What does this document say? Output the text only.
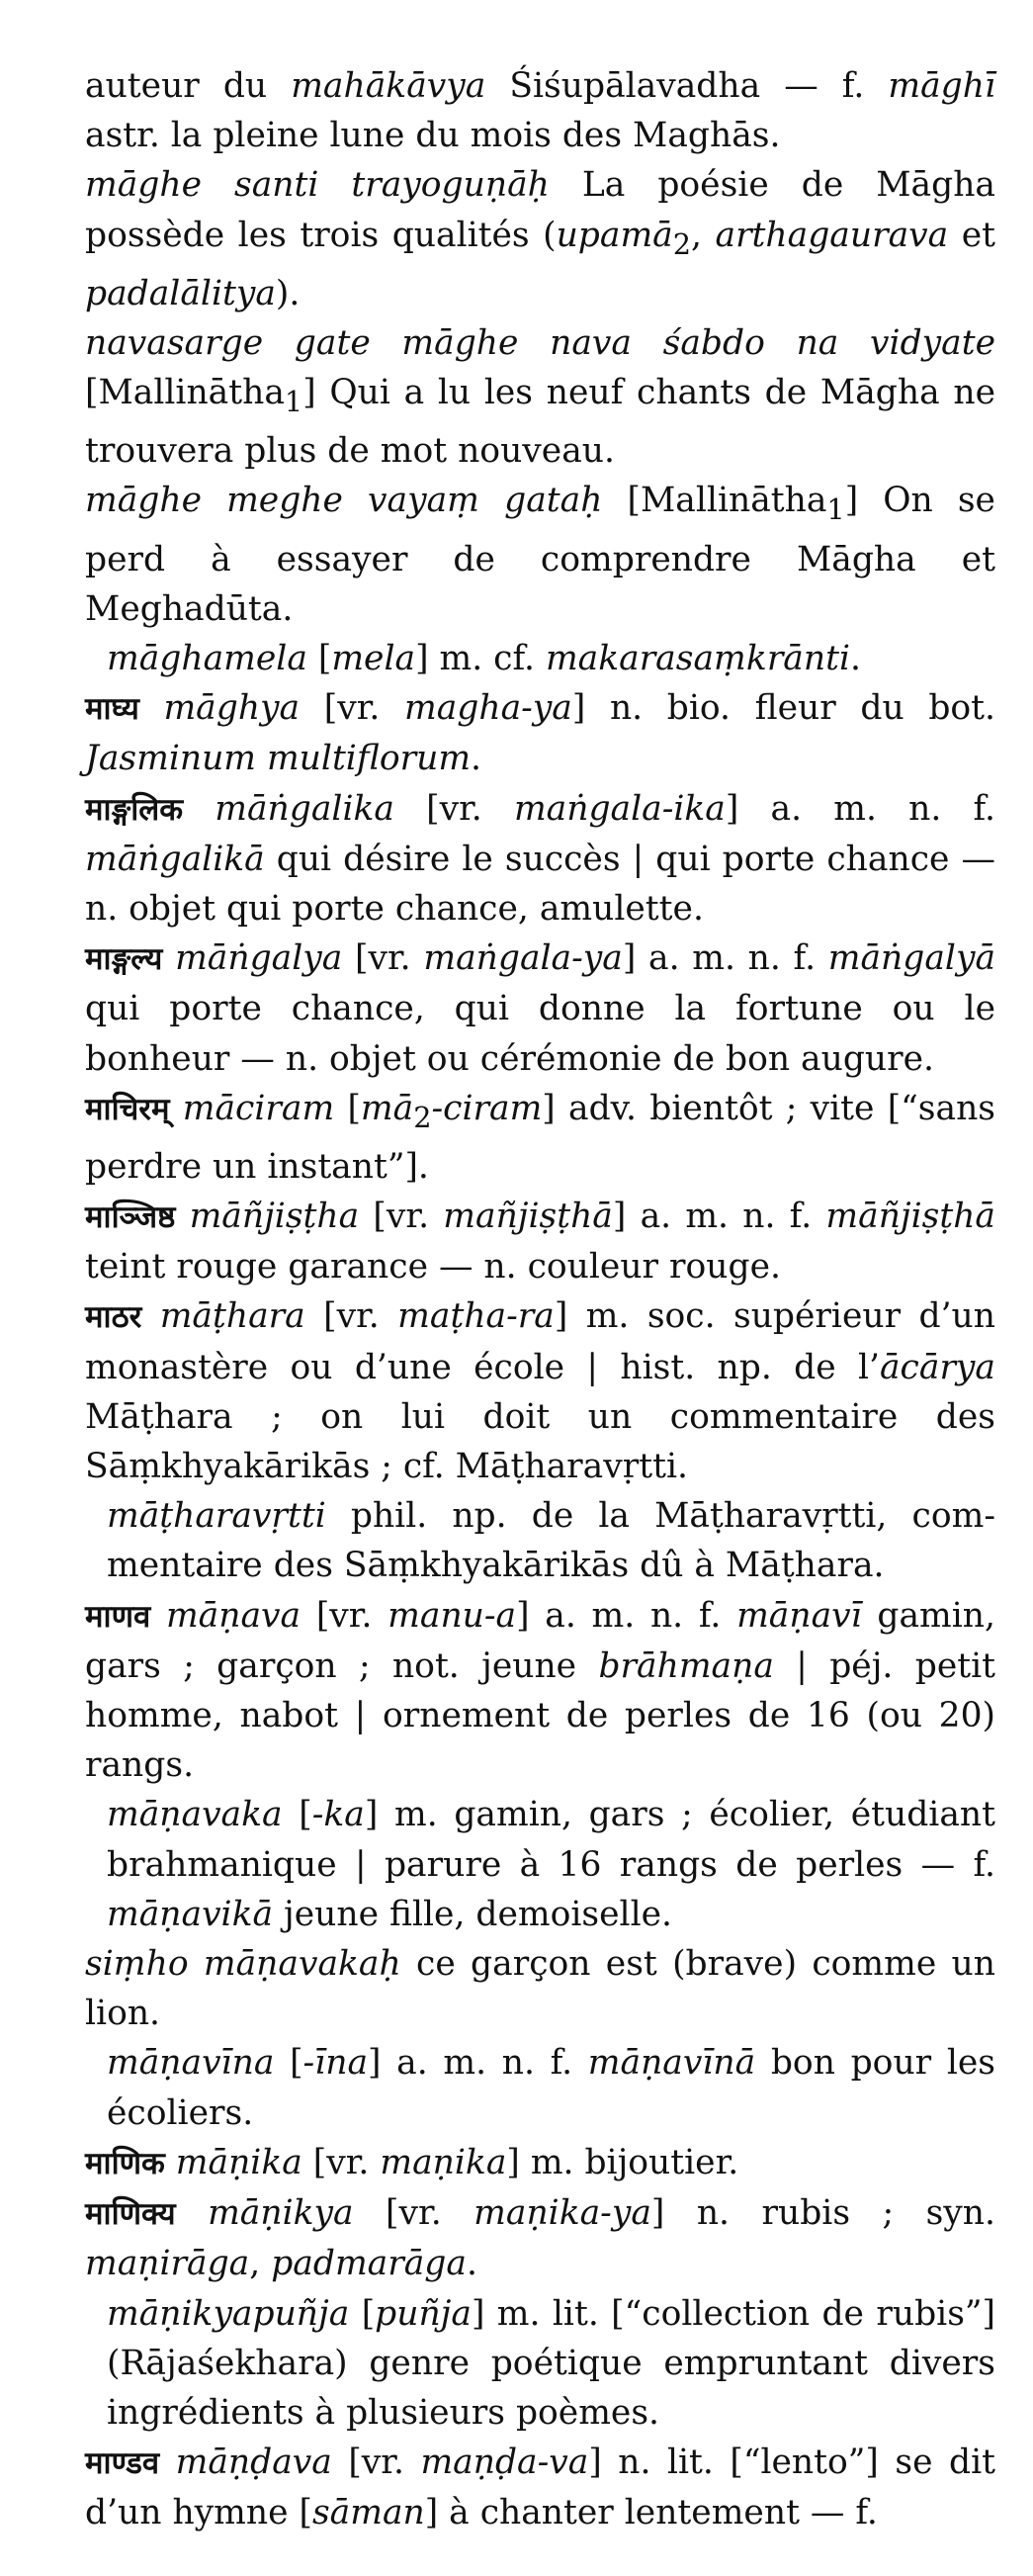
auteur du mahākāvya Śiśupālavadha — f. māghī astr. la pleine lune du mois des Maghās.

māghe santi trayoguṇāḥ La poésie de Māgha possède les trois qualités (upamā$_2$, arthagaurava et padalālitya).

navasarge gate māghe nava śabdo na vidyate [Mallinātha$_1$] Qui a lu les neuf chants de Māgha ne trouvera plus de mot nouveau.

māghe meghe vayaṃ gataḥ [Mallinātha$_1$] On se perd à essayer de comprendre Māgha et Meghadūta.

māghamela [mela] m. cf. makarasaṃkrānti.

माघ्य māghya [vr. magha-ya] n. bio. fleur du bot. Jasminum multiflorum.

माङ्गलिक māṅgalika [vr. maṅgala-ika] a. m. n. f. māṅgalikā qui désire le succès | qui porte chance — n. objet qui porte chance, amulette.

माङ्गल्य māṅgalya [vr. maṅgala-ya] a. m. n. f. māṅgalyā qui porte chance, qui donne la fortune ou le bonheur — n. objet ou cérémonie de bon augure.

माचिरम् māciram $[mā_2-ciram]$ adv. bientôt ; vite [“sans perdre un instant”].

माञ्जिष्ठ māñjiṣṭha [vr. mañjiṣṭhā] a. m. n. f. māñjiṣṭhā teint rouge garance — n. couleur rouge.

माठर māṭhara [vr. maṭha-ra] m. soc. supérieur d’un monastère ou d’une école | hist. np. de l’ācārya Māṭhara ; on lui doit un commentaire des Sāṃkhyakārikās ; cf. Māṭharavṛtti.

māṭharavṛtti phil. np. de la Māṭharavṛtti, commentaire des Sāṃkhyakārikās dû à Māṭhara.

माणव māṇava [vr. manu-a] a. m. n. f. māṇavī gamin, gars ; garçon ; not. jeune brāhmaṇa | péj. petit homme, nabot | ornement de perles de 16 (ou 20) rangs.

māṇavaka [-ka] m. gamin, gars ; écolier, étudiant brahmanique | parure à 16 rangs de perles — f. māṇavikā jeune fille, demoiselle.

siṃho māṇavakaḥ ce garçon est (brave) comme un lion.

māṇavīna [-īna] a. m. n. f. māṇavīnā bon pour les écoliers.

माणिक māṇika [vr. maṇika] m. bijoutier.

माणिक्य māṇikya [vr. maṇika-ya] n. rubis ; syn. maṇirāga, padmarāga.

māṇikyapuñja [puñja] m. lit. [“collection de rubis”] (Rājaśekhara) genre poétique empruntant divers ingrédients à plusieurs poèmes.

माण्डव māṇḍava [vr. maṇḍa-va] n. lit. [“lento”] se dit d’un hymne [sāman] à chanter lentement — f.
